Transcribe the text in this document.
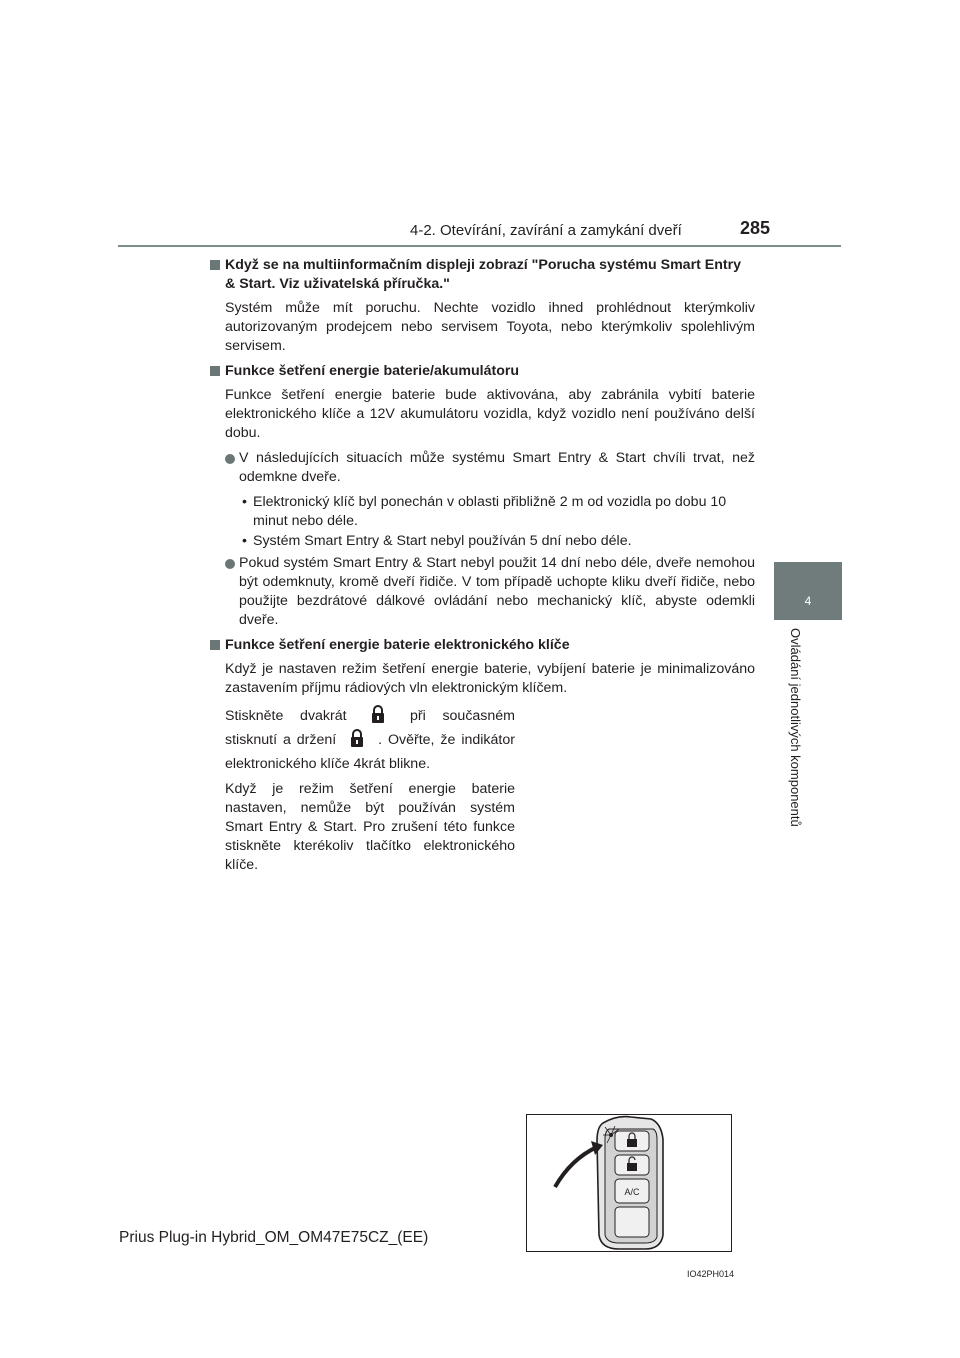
4-2. Otevírání, zavírání a zamykání dveří	285
4
Ovládání jednotlivých komponentů
Když se na multiinformačním displeji zobrazí "Porucha systému Smart Entry & Start. Viz uživatelská příručka."
Systém může mít poruchu. Nechte vozidlo ihned prohlédnout kterýmkoliv autorizovaným prodejcem nebo servisem Toyota, nebo kterýmkoliv spolehlivým servisem.
Funkce šetření energie baterie/akumulátoru
Funkce šetření energie baterie bude aktivována, aby zabránila vybití baterie elektronického klíče a 12V akumulátoru vozidla, když vozidlo není používáno delší dobu.
V následujících situacích může systému Smart Entry & Start chvíli trvat, než odemkne dveře.
• Elektronický klíč byl ponechán v oblasti přibližně 2 m od vozidla po dobu 10 minut nebo déle.
• Systém Smart Entry & Start nebyl používán 5 dní nebo déle.
Pokud systém Smart Entry & Start nebyl použit 14 dní nebo déle, dveře nemohou být odemknuty, kromě dveří řidiče. V tom případě uchopte kliku dveří řidiče, nebo použijte bezdrátové dálkové ovládání nebo mechanický klíč, abyste odemkli dveře.
Funkce šetření energie baterie elektronického klíče
Když je nastaven režim šetření energie baterie, vybíjení baterie je minimalizováno zastavením příjmu rádiových vln elektronickým klíčem.

Stiskněte dvakrát	při současném stisknutí a držení	. Ověřte, že indikátor elektronického klíče 4krát blikne.

Když je režim šetření energie baterie nastaven, nemůže být používán systém Smart Entry & Start. Pro zrušení této funkce stiskněte kterékoliv tlačítko elektronického klíče.

A/C
IO42PH014
Prius Plug-in Hybrid_OM_OM47E75CZ_(EE)
